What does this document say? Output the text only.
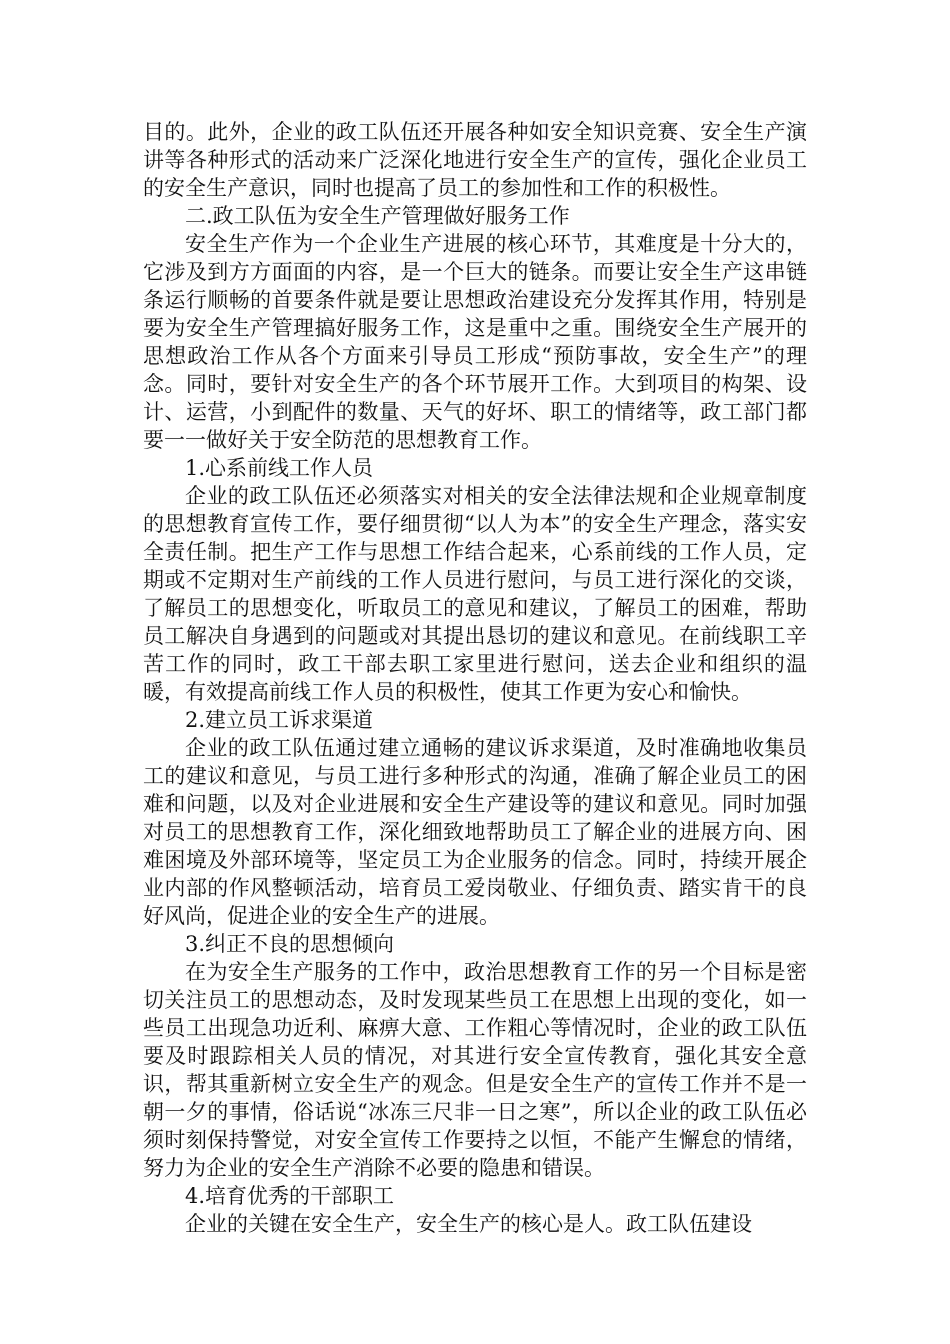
目的。此外，企业的政工队伍还开展各种如安全知识竞赛、安全生产演讲等各种形式的活动来广泛深化地进行安全生产的宣传，强化企业员工的安全生产意识，同时也提高了员工的参加性和工作的积极性。

二.政工队伍为安全生产管理做好服务工作

安全生产作为一个企业生产进展的核心环节，其难度是十分大的，它涉及到方方面面的内容，是一个巨大的链条。而要让安全生产这串链条运行顺畅的首要条件就是要让思想政治建设充分发挥其作用，特别是要为安全生产管理搞好服务工作，这是重中之重。围绕安全生产展开的思想政治工作从各个方面来引导员工形成“预防事故，安全生产”的理念。同时，要针对安全生产的各个环节展开工作。大到项目的构架、设计、运营，小到配件的数量、天气的好坏、职工的情绪等，政工部门都要一一做好关于安全防范的思想教育工作。

1.心系前线工作人员

企业的政工队伍还必须落实对相关的安全法律法规和企业规章制度的思想教育宣传工作，要仔细贯彻“以人为本”的安全生产理念，落实安全责任制。把生产工作与思想工作结合起来，心系前线的工作人员，定期或不定期对生产前线的工作人员进行慰问，与员工进行深化的交谈，了解员工的思想变化，听取员工的意见和建议，了解员工的困难，帮助员工解决自身遇到的问题或对其提出恳切的建议和意见。在前线职工辛苦工作的同时，政工干部去职工家里进行慰问，送去企业和组织的温暖，有效提高前线工作人员的积极性，使其工作更为安心和愉快。

2.建立员工诉求渠道

企业的政工队伍通过建立通畅的建议诉求渠道，及时准确地收集员工的建议和意见，与员工进行多种形式的沟通，准确了解企业员工的困难和问题，以及对企业进展和安全生产建设等的建议和意见。同时加强对员工的思想教育工作，深化细致地帮助员工了解企业的进展方向、困难困境及外部环境等，坚定员工为企业服务的信念。同时，持续开展企业内部的作风整顿活动，培育员工爱岗敬业、仔细负责、踏实肯干的良好风尚，促进企业的安全生产的进展。

3.纠正不良的思想倾向

在为安全生产服务的工作中，政治思想教育工作的另一个目标是密切关注员工的思想动态，及时发现某些员工在思想上出现的变化，如一些员工出现急功近利、麻痹大意、工作粗心等情况时，企业的政工队伍要及时跟踪相关人员的情况，对其进行安全宣传教育，强化其安全意识，帮其重新树立安全生产的观念。但是安全生产的宣传工作并不是一朝一夕的事情，俗话说“冰冻三尺非一日之寒”，所以企业的政工队伍必须时刻保持警觉，对安全宣传工作要持之以恒，不能产生懈怠的情绪，努力为企业的安全生产消除不必要的隐患和错误。

4.培育优秀的干部职工

企业的关键在安全生产，安全生产的核心是人。政工队伍建设
